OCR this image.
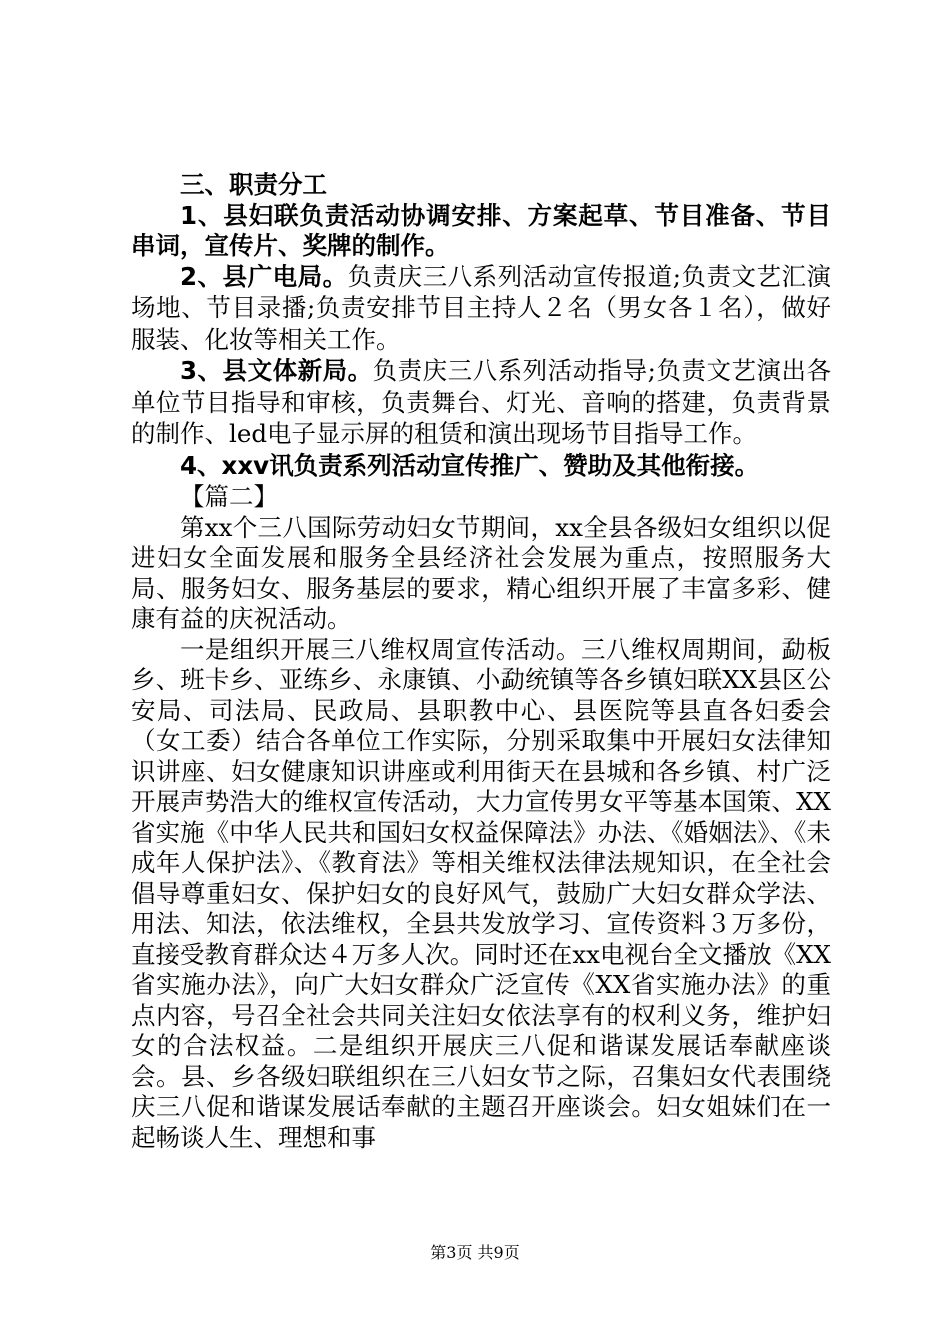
三、职责分工

1、县妇联负责活动协调安排、方案起草、节目准备、节目串词，宣传片、奖牌的制作。

2、县广电局。负责庆三八系列活动宣传报道;负责文艺汇演场地、节目录播;负责安排节目主持人２名（男女各１名），做好服装、化妆等相关工作。

3、县文体新局。负责庆三八系列活动指导;负责文艺演出各单位节目指导和审核，负责舞台、灯光、音响的搭建，负责背景的制作、led电子显示屏的租赁和演出现场节目指导工作。

4、xxv讯负责系列活动宣传推广、赞助及其他衔接。

【篇二】

第xx个三八国际劳动妇女节期间，xx全县各级妇女组织以促进妇女全面发展和服务全县经济社会发展为重点，按照服务大局、服务妇女、服务基层的要求，精心组织开展了丰富多彩、健康有益的庆祝活动。

一是组织开展三八维权周宣传活动。三八维权周期间，勐板乡、班卡乡、亚练乡、永康镇、小勐统镇等各乡镇妇联XX县区公安局、司法局、民政局、县职教中心、县医院等县直各妇委会（女工委）结合各单位工作实际，分别采取集中开展妇女法律知识讲座、妇女健康知识讲座或利用街天在县城和各乡镇、村广泛开展声势浩大的维权宣传活动，大力宣传男女平等基本国策、XX省实施《中华人民共和国妇女权益保障法》办法、《婚姻法》、《未成年人保护法》、《教育法》等相关维权法律法规知识，在全社会倡导尊重妇女、保护妇女的良好风气，鼓励广大妇女群众学法、用法、知法，依法维权，全县共发放学习、宣传资料３万多份，直接受教育群众达４万多人次。同时还在xx电视台全文播放《XX省实施办法》，向广大妇女群众广泛宣传《XX省实施办法》的重点内容，号召全社会共同关注妇女依法享有的权利义务，维护妇女的合法权益。二是组织开展庆三八促和谐谋发展话奉献座谈会。县、乡各级妇联组织在三八妇女节之际，召集妇女代表围绕庆三八促和谐谋发展话奉献的主题召开座谈会。妇女姐妹们在一起畅谈人生、理想和事

第3页 共9页
